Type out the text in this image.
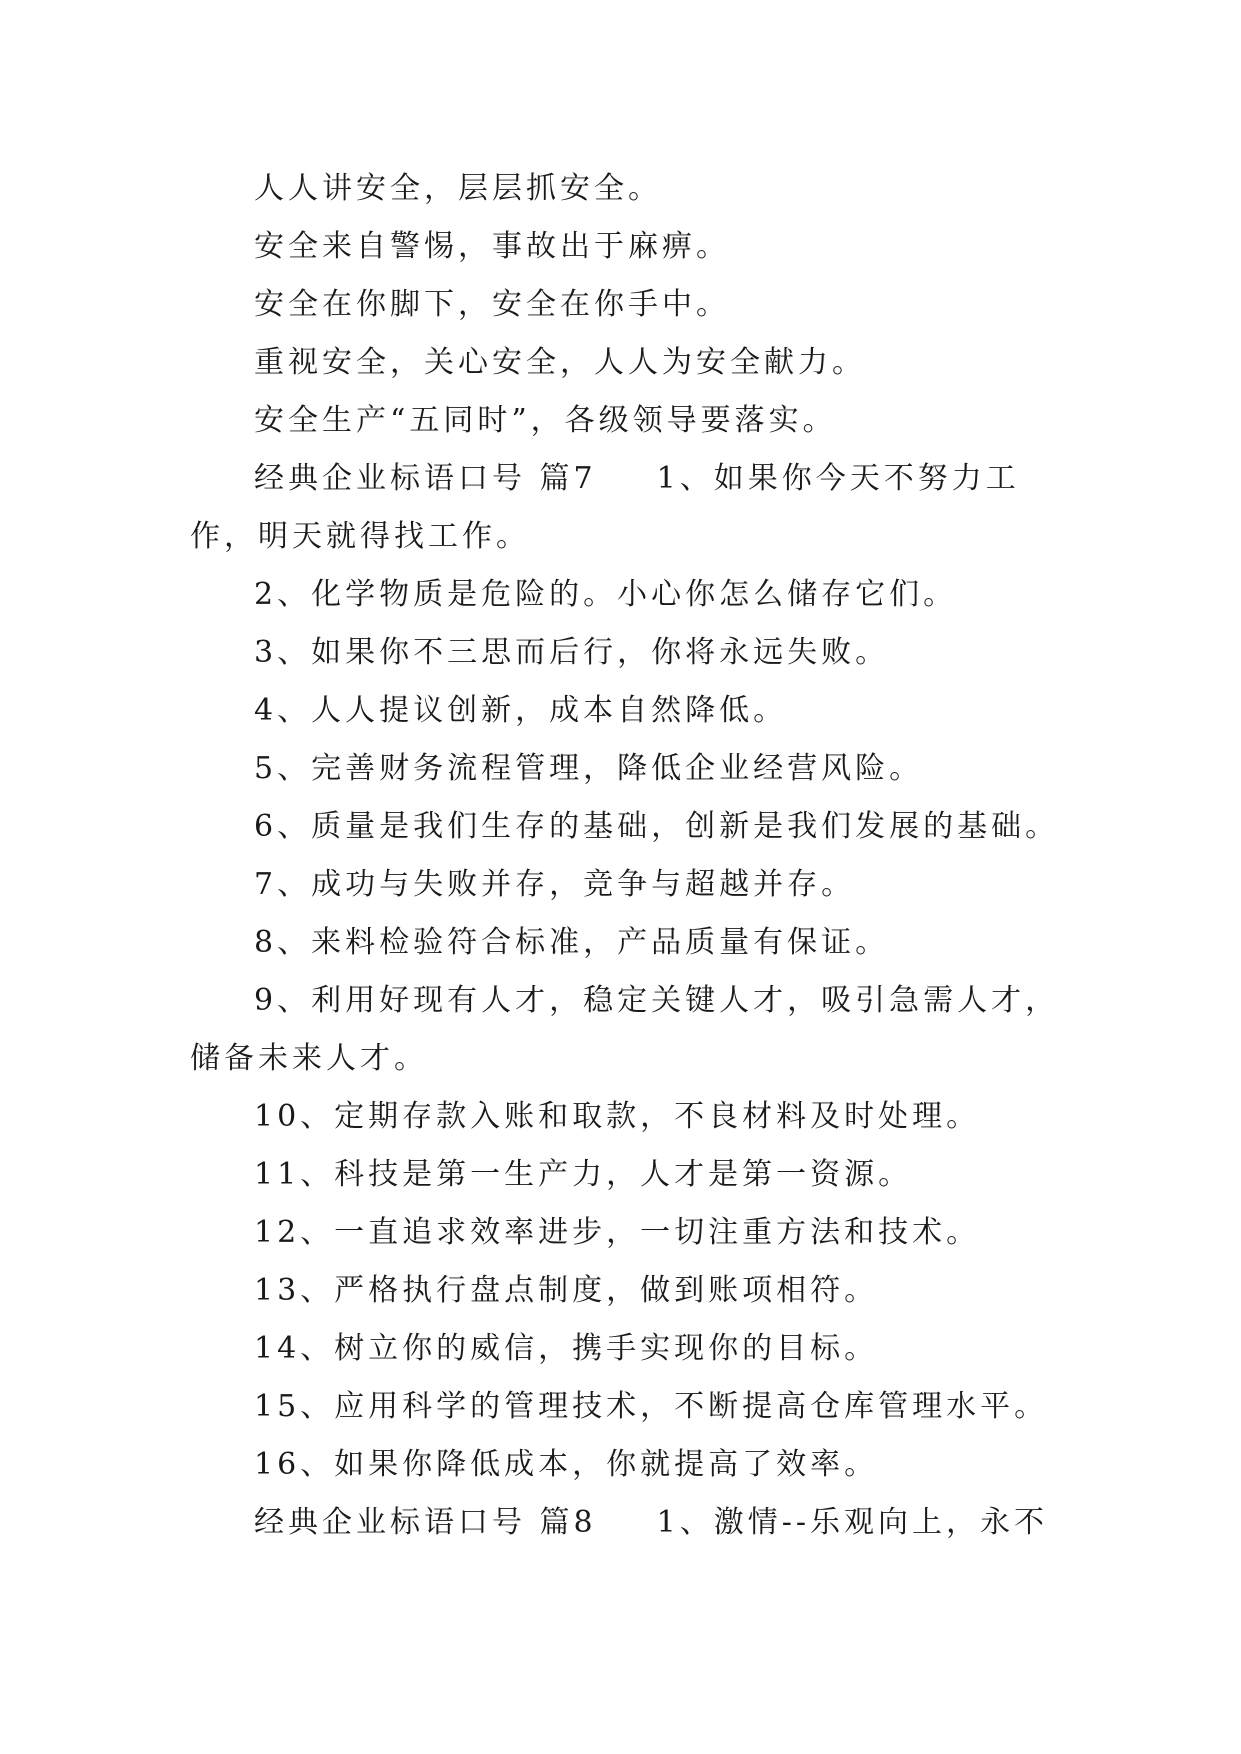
人人讲安全，层层抓安全。

安全来自警惕，事故出于麻痹。

安全在你脚下，安全在你手中。

重视安全，关心安全，人人为安全献力。

安全生产“五同时”，各级领导要落实。

经典企业标语口号 篇7 1、如果你今天不努力工作，明天就得找工作。

2、化学物质是危险的。小心你怎么储存它们。

3、如果你不三思而后行，你将永远失败。

4、人人提议创新，成本自然降低。

5、完善财务流程管理，降低企业经营风险。

6、质量是我们生存的基础，创新是我们发展的基础。

7、成功与失败并存，竞争与超越并存。

8、来料检验符合标准，产品质量有保证。

9、利用好现有人才，稳定关键人才，吸引急需人才，储备未来人才。

10、定期存款入账和取款，不良材料及时处理。

11、科技是第一生产力，人才是第一资源。

12、一直追求效率进步，一切注重方法和技术。

13、严格执行盘点制度，做到账项相符。

14、树立你的威信，携手实现你的目标。

15、应用科学的管理技术，不断提高仓库管理水平。

16、如果你降低成本，你就提高了效率。

经典企业标语口号 篇8 1、激情--乐观向上，永不
